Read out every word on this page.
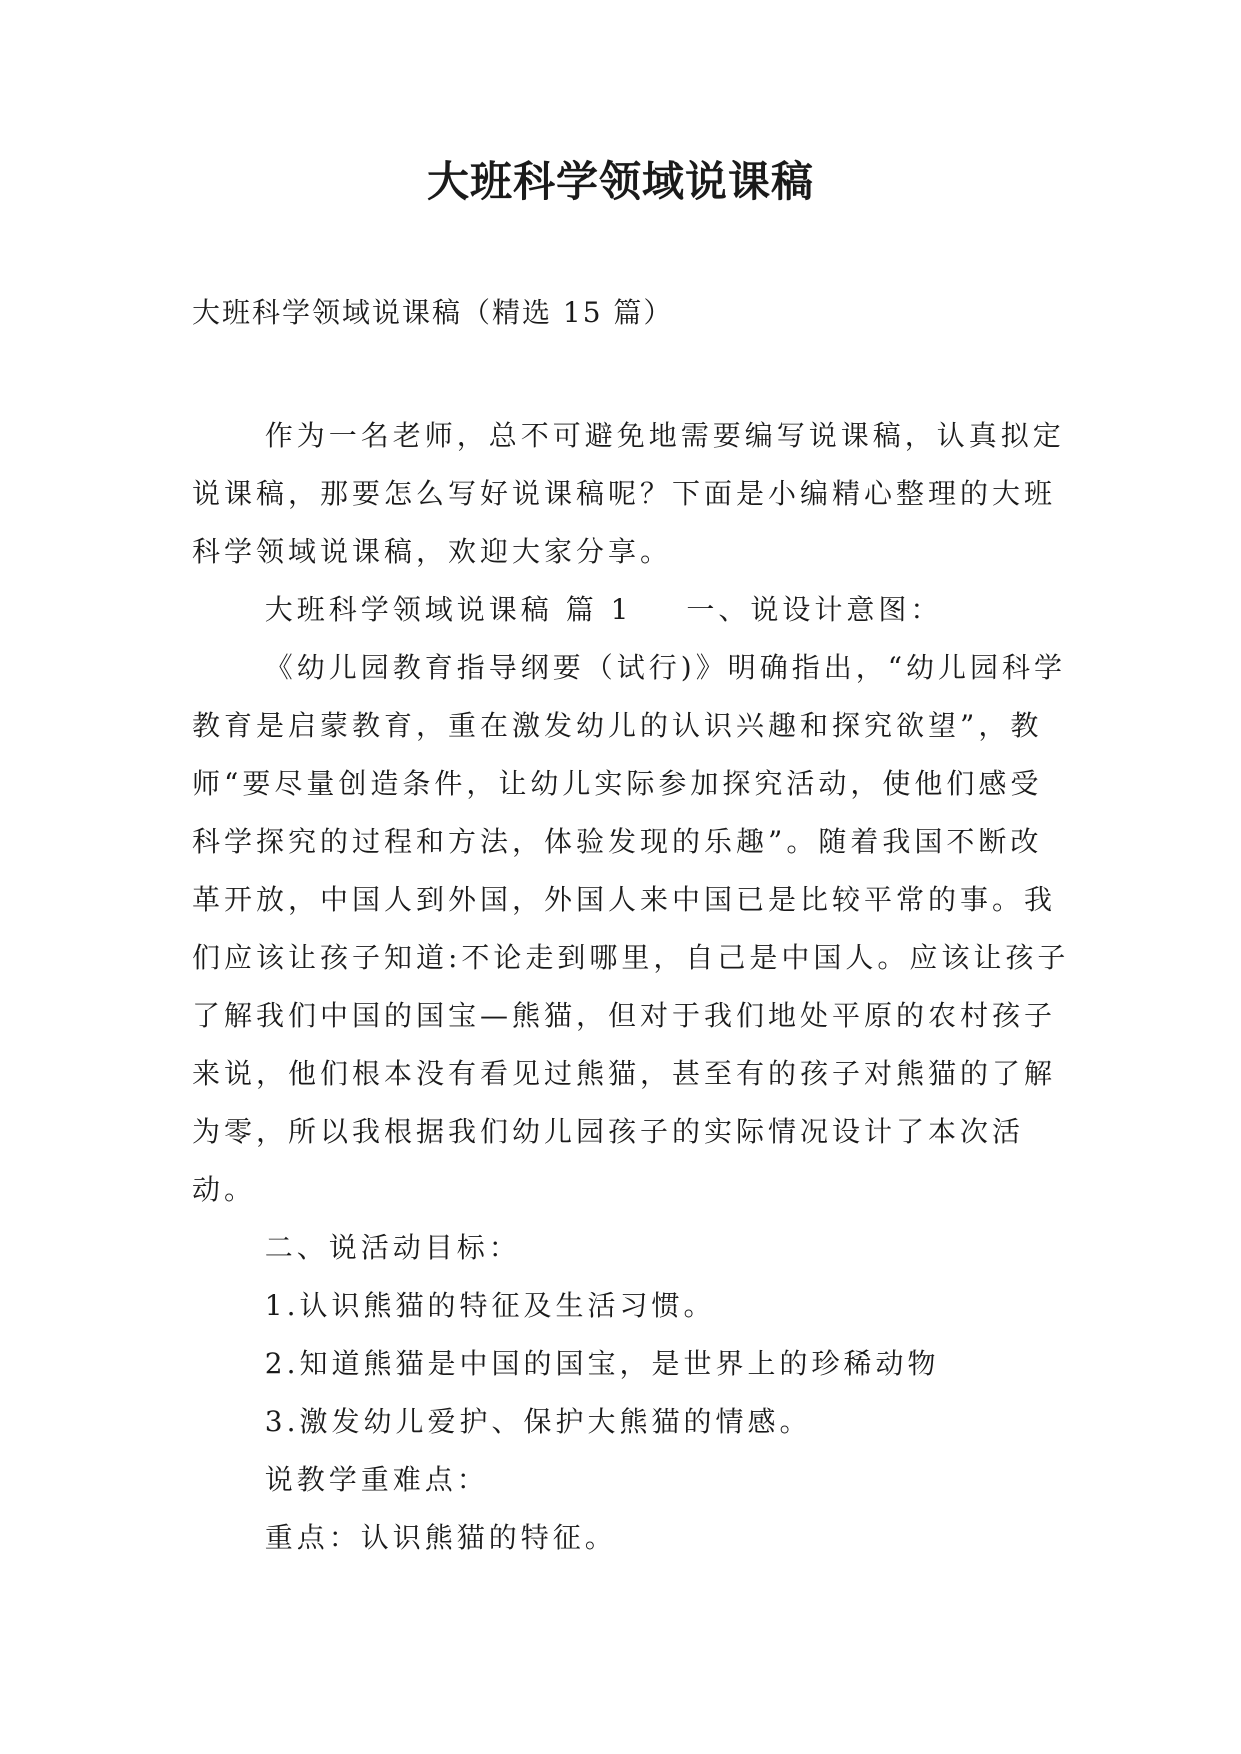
大班科学领域说课稿
大班科学领域说课稿（精选 15 篇）

作为一名老师，总不可避免地需要编写说课稿，认真拟定说课稿，那要怎么写好说课稿呢？下面是小编精心整理的大班科学领域说课稿，欢迎大家分享。

大班科学领域说课稿 篇 1 一、说设计意图：

《幼儿园教育指导纲要（试行)》明确指出，“幼儿园科学教育是启蒙教育，重在激发幼儿的认识兴趣和探究欲望”，教师“要尽量创造条件，让幼儿实际参加探究活动，使他们感受科学探究的过程和方法，体验发现的乐趣”。随着我国不断改革开放，中国人到外国，外国人来中国已是比较平常的事。我们应该让孩子知道:不论走到哪里，自己是中国人。应该让孩子了解我们中国的国宝—熊猫，但对于我们地处平原的农村孩子来说，他们根本没有看见过熊猫，甚至有的孩子对熊猫的了解为零，所以我根据我们幼儿园孩子的实际情况设计了本次活动。

二、说活动目标：

1.认识熊猫的特征及生活习惯。

2.知道熊猫是中国的国宝，是世界上的珍稀动物

3.激发幼儿爱护、保护大熊猫的情感。

说教学重难点：

重点：认识熊猫的特征。
